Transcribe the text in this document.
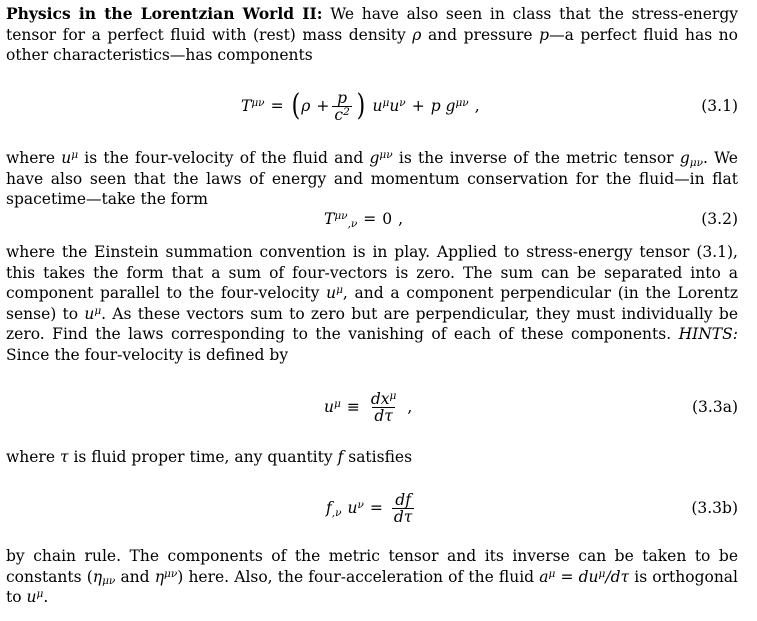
Physics in the Lorentzian World II: We have also seen in class that the stress-energy tensor for a perfect fluid with (rest) mass density ρ and pressure p—a perfect fluid has no other characteristics—has components

$T^{\mu\nu}$ = ( $\rho + \frac{p}{c^2}$ ) $u^\mu u^\nu + p$ $g^{\mu\nu}$ ,	(3.1)

where $u^\mu$ is the four-velocity of the fluid and $g^{\mu\nu}$ is the inverse of the metric tensor $g_{\mu\nu}$. We have also seen that the laws of energy and momentum conservation for the fluid—in flat spacetime—take the form

$T^{\mu\nu}_{,\nu} = 0$ ,	(3.2)

where the Einstein summation convention is in play. Applied to stress-energy tensor (3.1), this takes the form that a sum of four-vectors is zero. The sum can be separated into a component parallel to the four-velocity $u^\mu$, and a component perpendicular (in the Lorentz sense) to $u^\mu$. As these vectors sum to zero but are perpendicular, they must individually be zero. Find the laws corresponding to the vanishing of each of these components. HINTS: Since the four-velocity is defined by

$u^\mu \equiv \frac{dx^\mu}{d\tau}$ ,	(3.3a)

where τ is fluid proper time, any quantity f satisfies

$f_{,\nu}$ $u^\nu = \frac{df}{d\tau}$	(3.3b)

by chain rule. The components of the metric tensor and its inverse can be taken to be constants ($\eta_{\mu\nu}$ and $\eta^{\mu\nu}$) here. Also, the four-acceleration of the fluid $a^\mu = du^\mu/d\tau$ is orthogonal to $u^\mu$.
